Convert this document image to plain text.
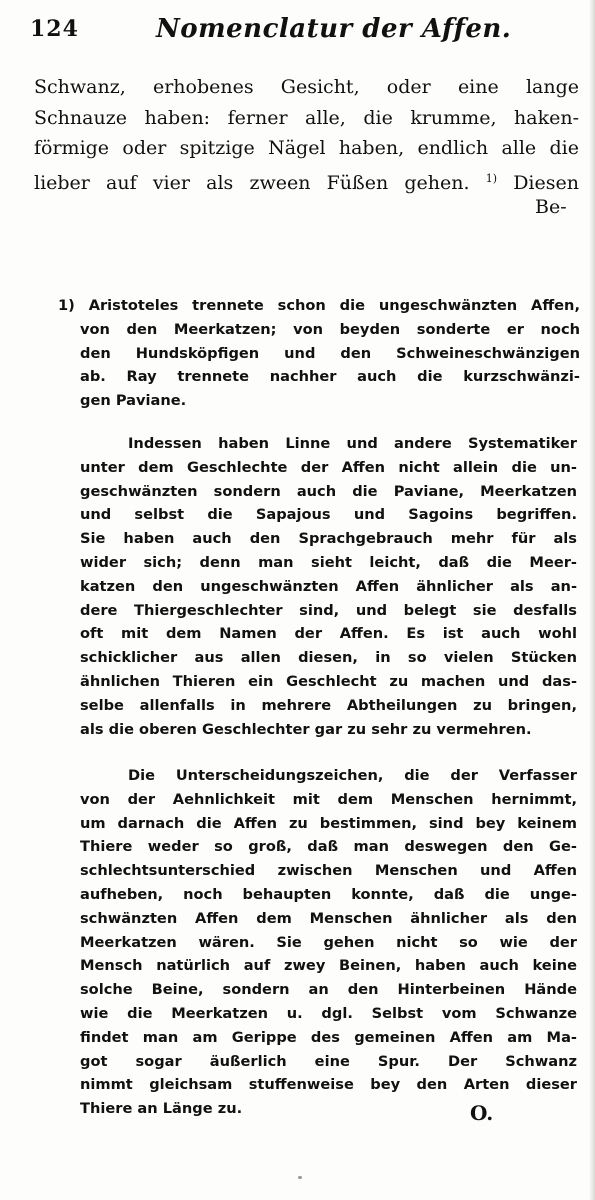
124	Nomenclatur der Affen.
Schwanz, erhobenes Gesicht, oder eine lange
Schnauze haben: ferner alle, die krumme, haken-
förmige oder spitzige Nägel haben, endlich alle die
lieber auf vier als zween Füßen gehen. $^{1)}$ Diesen
Be-
1) Aristoteles trennete schon die ungeschwänzten Affen,
von den Meerkatzen; von beyden sonderte er noch
den Hundsköpfigen und den Schweineschwänzigen
ab. Ray trennete nachher auch die kurzschwänzi-
gen Paviane.
Indessen haben Linne und andere Systematiker
unter dem Geschlechte der Affen nicht allein die un-
geschwänzten sondern auch die Paviane, Meerkatzen
und selbst die Sapajous und Sagoins begriffen.
Sie haben auch den Sprachgebrauch mehr für als
wider sich; denn man sieht leicht, daß die Meer-
katzen den ungeschwänzten Affen ähnlicher als an-
dere Thiergeschlechter sind, und belegt sie desfalls
oft mit dem Namen der Affen. Es ist auch wohl
schicklicher aus allen diesen, in so vielen Stücken
ähnlichen Thieren ein Geschlecht zu machen und das-
selbe allenfalls in mehrere Abtheilungen zu bringen,
als die oberen Geschlechter gar zu sehr zu vermehren.
Die Unterscheidungszeichen, die der Verfasser
von der Aehnlichkeit mit dem Menschen hernimmt,
um darnach die Affen zu bestimmen, sind bey keinem
Thiere weder so groß, daß man deswegen den Ge-
schlechtsunterschied zwischen Menschen und Affen
aufheben, noch behaupten konnte, daß die unge-
schwänzten Affen dem Menschen ähnlicher als den
Meerkatzen wären. Sie gehen nicht so wie der
Mensch natürlich auf zwey Beinen, haben auch keine
solche Beine, sondern an den Hinterbeinen Hände
wie die Meerkatzen u. dgl. Selbst vom Schwanze
findet man am Gerippe des gemeinen Affen am Ma-
got sogar äußerlich eine Spur. Der Schwanz
nimmt gleichsam stuffenweise bey den Arten dieser
Thiere an Länge zu.	O.
